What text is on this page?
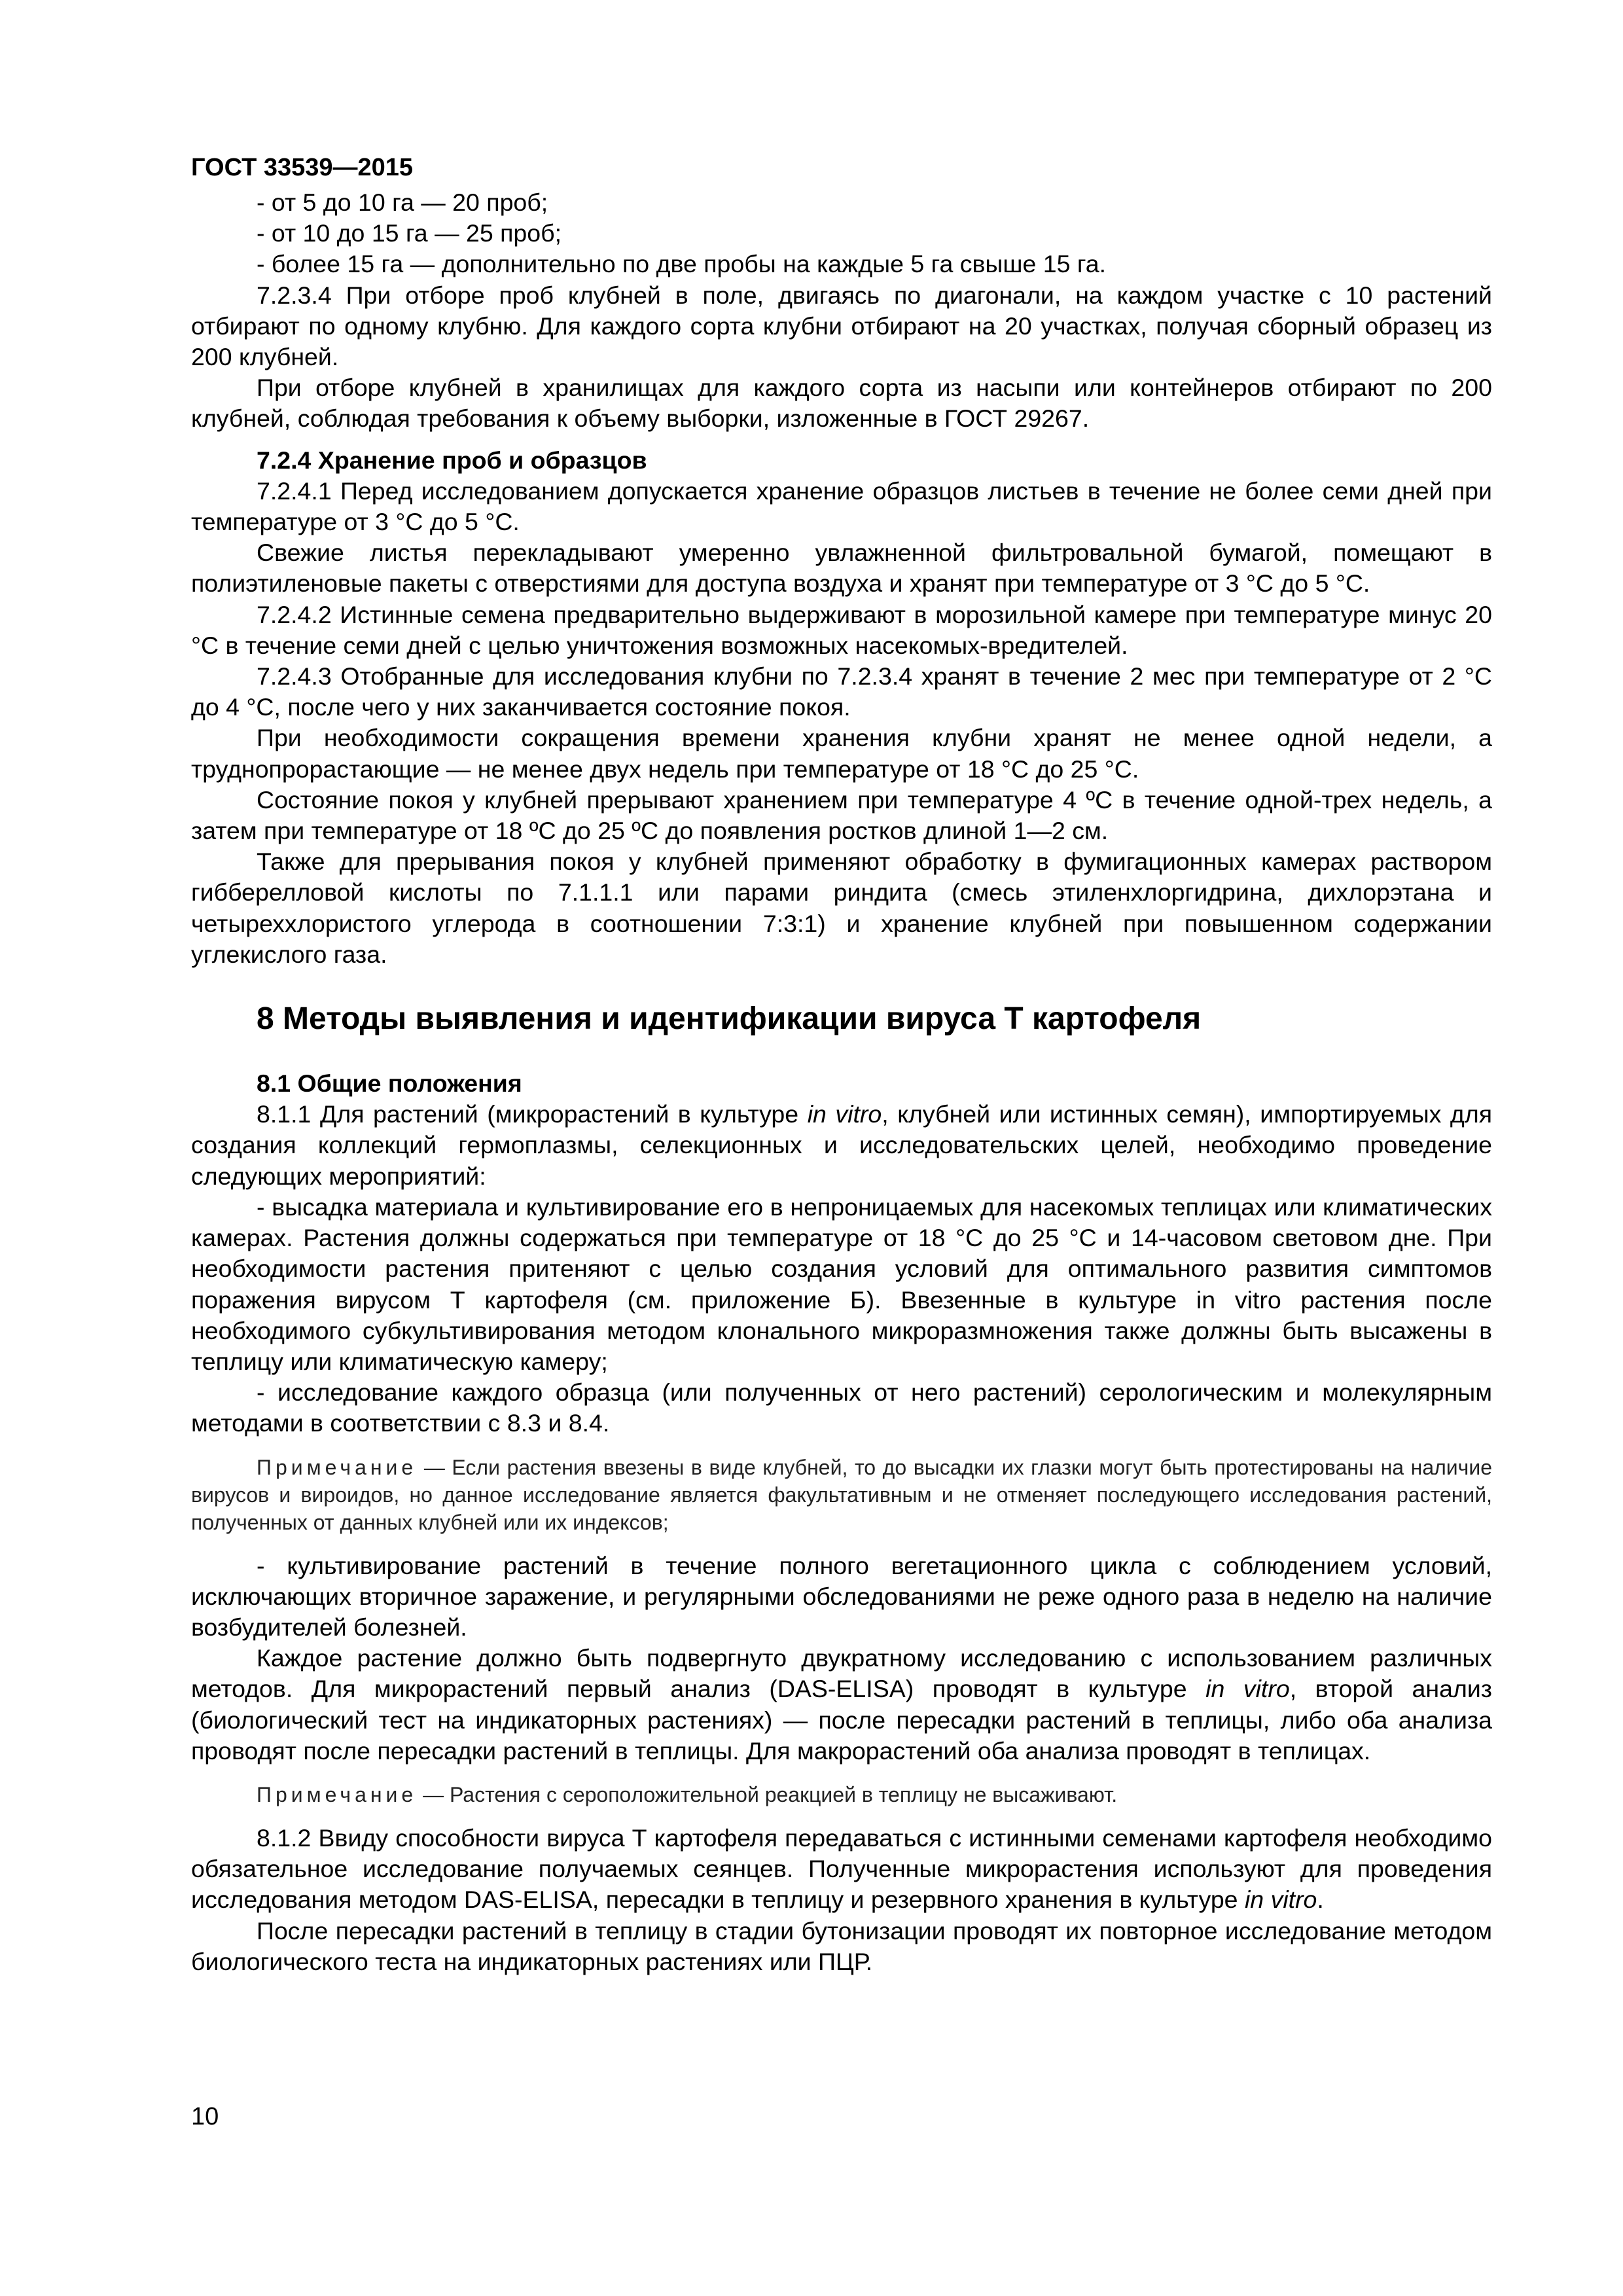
ГОСТ 33539—2015

- от 5 до 10 га — 20 проб;

- от 10 до 15 га — 25 проб;

- более 15 га — дополнительно по две пробы на каждые 5 га свыше 15 га.

7.2.3.4 При отборе проб клубней в поле, двигаясь по диагонали, на каждом участке с 10 растений отбирают по одному клубню. Для каждого сорта клубни отбирают на 20 участках, получая сборный образец из 200 клубней.

При отборе клубней в хранилищах для каждого сорта из насыпи или контейнеров отбирают по 200 клубней, соблюдая требования к объему выборки, изложенные в ГОСТ 29267.

7.2.4 Хранение проб и образцов

7.2.4.1 Перед исследованием допускается хранение образцов листьев в течение не более семи дней при температуре от 3 °С до 5 °С.

Свежие листья перекладывают умеренно увлажненной фильтровальной бумагой, помещают в полиэтиленовые пакеты с отверстиями для доступа воздуха и хранят при температуре от 3 °С до 5 °С.

7.2.4.2 Истинные семена предварительно выдерживают в морозильной камере при температуре минус 20 °С в течение семи дней с целью уничтожения возможных насекомых-вредителей.

7.2.4.3 Отобранные для исследования клубни по 7.2.3.4 хранят в течение 2 мес при температуре от 2 °С до 4 °С, после чего у них заканчивается состояние покоя.

При необходимости сокращения времени хранения клубни хранят не менее одной недели, а труднопрорастающие — не менее двух недель при температуре от 18 °С до 25 °С.

Состояние покоя у клубней прерывают хранением при температуре 4 ºС в течение одной-трех недель, а затем при температуре от 18 ºС до 25 ºС до появления ростков длиной 1—2 см.

Также для прерывания покоя у клубней применяют обработку в фумигационных камерах раствором гиббереллoвой кислоты по 7.1.1.1 или парами риндита (смесь этиленхлоргидрина, дихлорэтана и четыреххлористого углерода в соотношении 7:3:1) и хранение клубней при повышенном содержании углекислого газа.

8 Методы выявления и идентификации вируса Т картофеля
8.1 Общие положения

8.1.1 Для растений (микрорастений в культуре in vitro, клубней или истинных семян), импортируемых для создания коллекций гермоплазмы, селекционных и исследовательских целей, необходимо проведение следующих мероприятий:

- высадка материала и культивирование его в непроницаемых для насекомых теплицах или климатических камерах. Растения должны содержаться при температуре от 18 °С до 25 °С и 14-часовом световом дне. При необходимости растения притеняют с целью создания условий для оптимального развития симптомов поражения вирусом Т картофеля (см. приложение Б). Ввезенные в культуре in vitro растения после необходимого субкультивирования методом клонального микроразмножения также должны быть высажены в теплицу или климатическую камеру;

- исследование каждого образца (или полученных от него растений) серологическим и молекулярным методами в соответствии с 8.3 и 8.4.

Примечание — Если растения ввезены в виде клубней, то до высадки их глазки могут быть протестированы на наличие вирусов и вироидов, но данное исследование является факультативным и не отменяет последующего исследования растений, полученных от данных клубней или их индексов;

- культивирование растений в течение полного вегетационного цикла с соблюдением условий, исключающих вторичное заражение, и регулярными обследованиями не реже одного раза в неделю на наличие возбудителей болезней.

Каждое растение должно быть подвергнуто двукратному исследованию с использованием различных методов. Для микрорастений первый анализ (DAS-ELISA) проводят в культуре in vitro, второй анализ (биологический тест на индикаторных растениях) — после пересадки растений в теплицы, либо оба анализа проводят после пересадки растений в теплицы. Для макрорастений оба анализа проводят в теплицах.

Примечание — Растения с серопoложительной реакцией в теплицу не высаживают.

8.1.2 Ввиду способности вируса Т картофеля передаваться с истинными семенами картофеля необходимо обязательное исследование получаемых сеянцев. Полученные микрорастения используют для проведения исследования методом DAS-ELISA, пересадки в теплицу и резервного хранения в культуре in vitro.

После пересадки растений в теплицу в стадии бутонизации проводят их повторное исследование методом биологического теста на индикаторных растениях или ПЦР.

10
